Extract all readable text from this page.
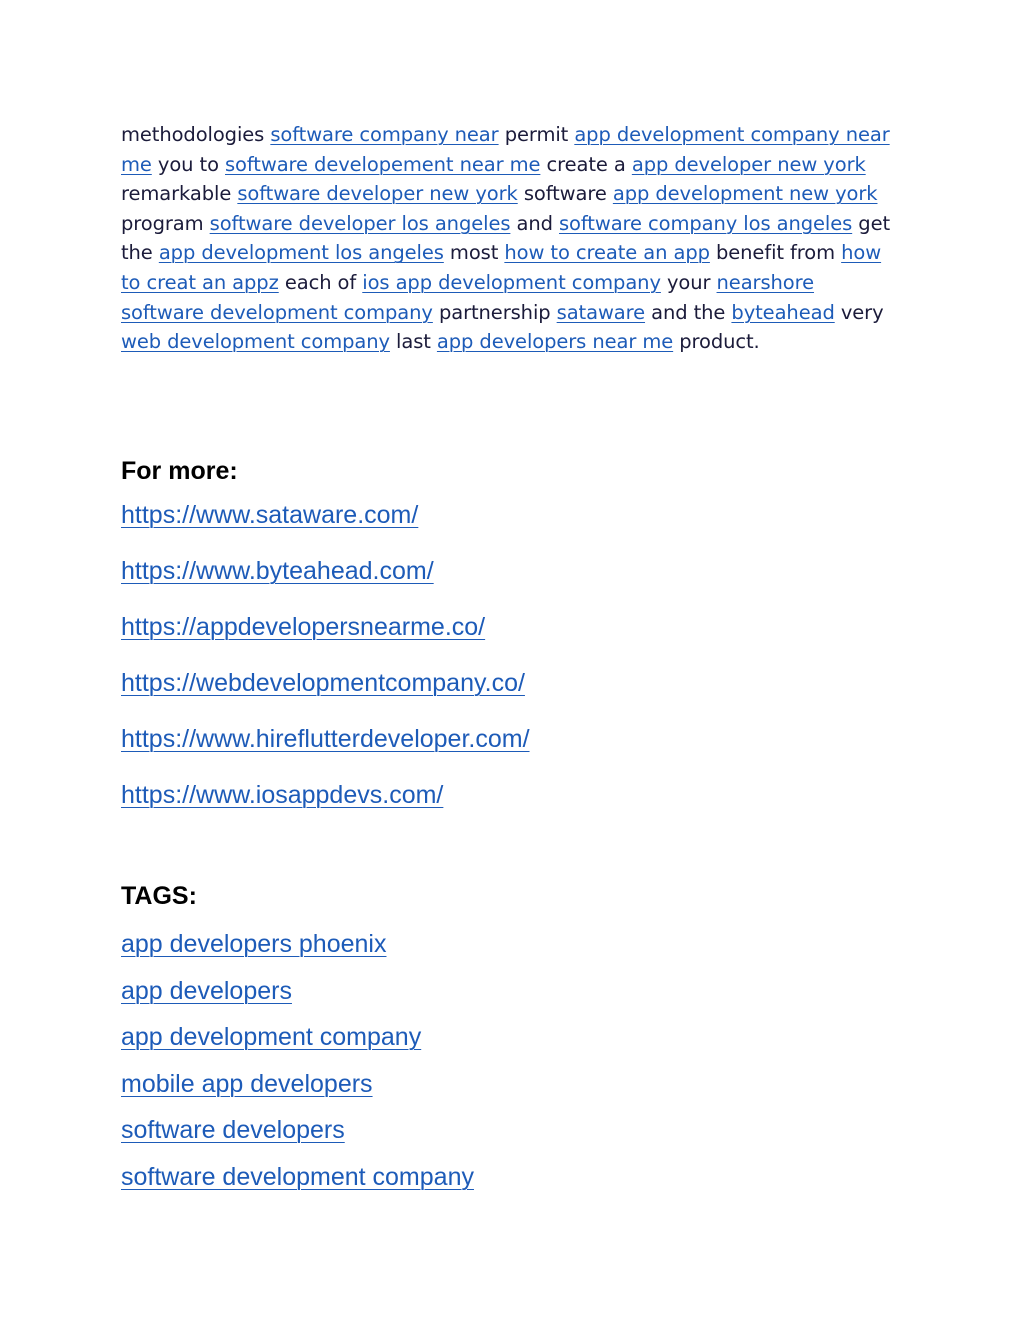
methodologies software company near permit app development company near me you to software developement near me create a app developer new york remarkable software developer new york software app development new york program software developer los angeles and software company los angeles get the app development los angeles most how to create an app benefit from how to creat an appz each of ios app development company your nearshore software development company partnership sataware and the byteahead very web development company last app developers near me product.

For more:
https://www.sataware.com/
https://www.byteahead.com/
https://appdevelopersnearme.co/
https://webdevelopmentcompany.co/
https://www.hireflutterdeveloper.com/
https://www.iosappdevs.com/
TAGS:
app developers phoenix
app developers
app development company
mobile app developers
software developers
software development company
